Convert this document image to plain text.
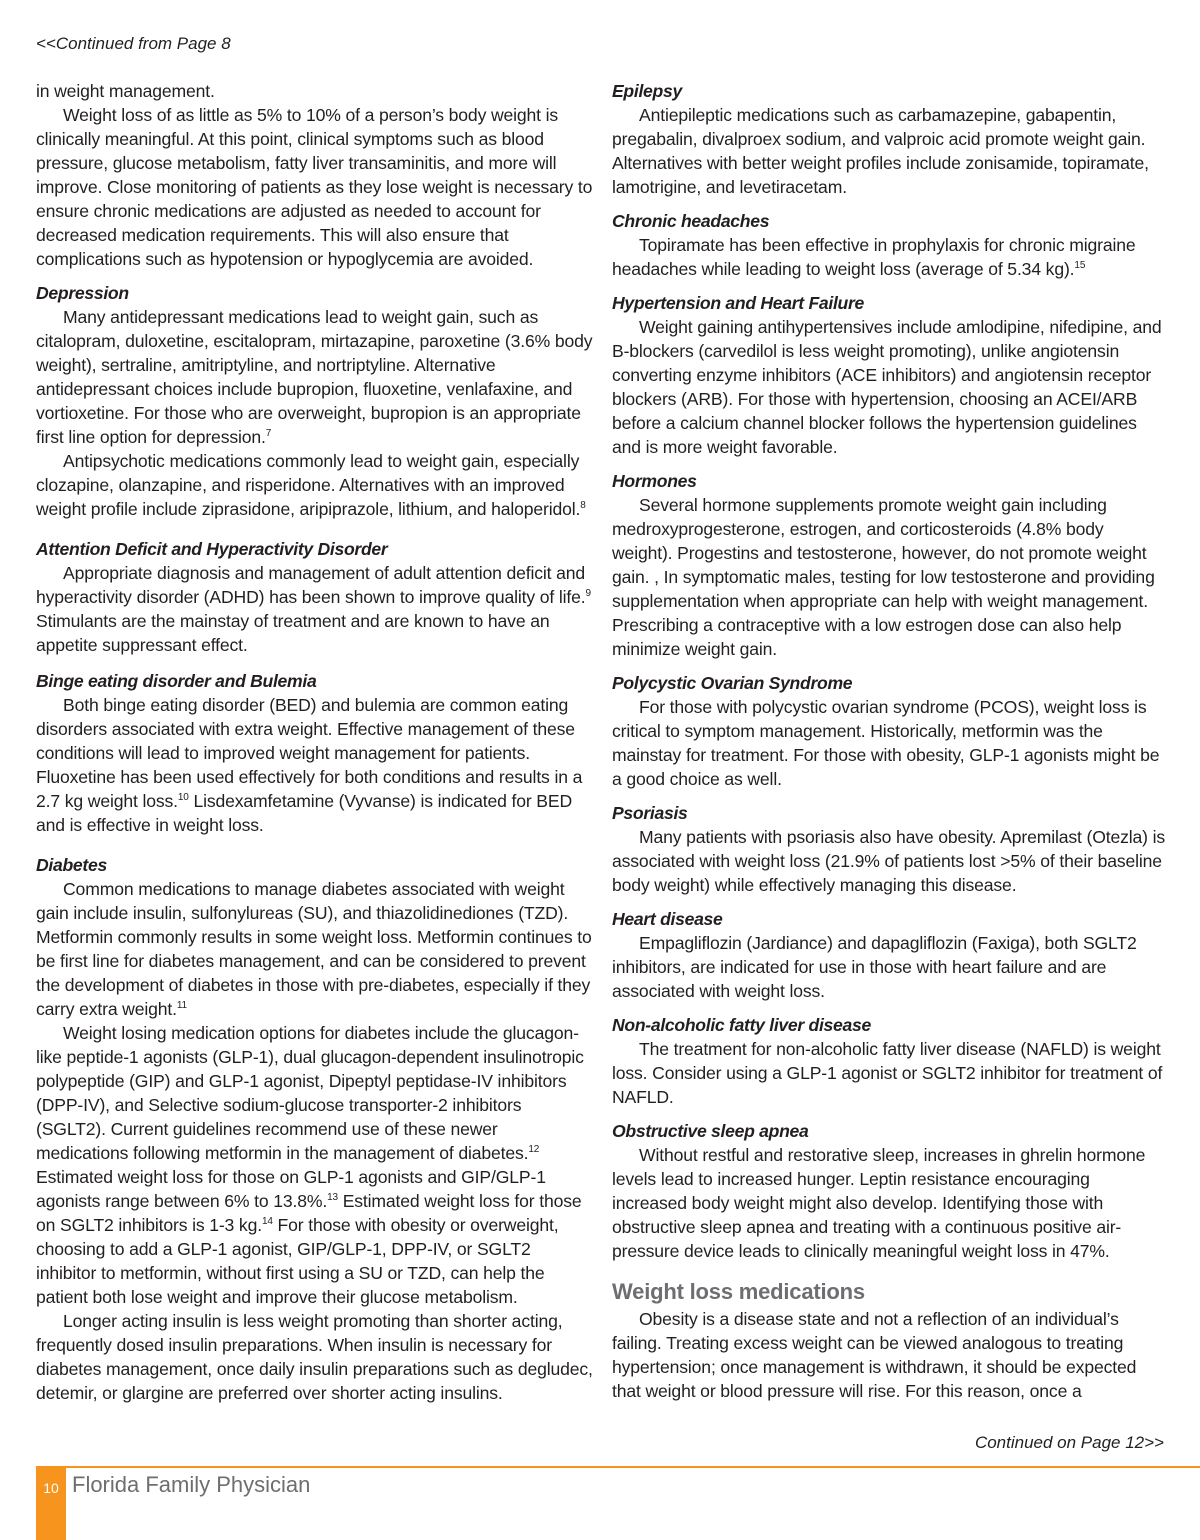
<<Continued from Page 8

in weight management.

Weight loss of as little as 5% to 10% of a person’s body weight is clinically meaningful. At this point, clinical symptoms such as blood pressure, glucose metabolism, fatty liver transaminitis, and more will improve. Close monitoring of patients as they lose weight is necessary to ensure chronic medications are adjusted as needed to account for decreased medication requirements. This will also ensure that complications such as hypotension or hypoglycemia are avoided.

Depression

Many antidepressant medications lead to weight gain, such as citalopram, duloxetine, escitalopram, mirtazapine, paroxetine (3.6% body weight), sertraline, amitriptyline, and nortriptyline. Alternative antidepressant choices include bupropion, fluoxetine, venlafaxine, and vortioxetine. For those who are overweight, bupropion is an appropriate first line option for depression.$^7$

Antipsychotic medications commonly lead to weight gain, especially clozapine, olanzapine, and risperidone. Alternatives with an improved weight profile include ziprasidone, aripiprazole, lithium, and haloperidol.$^8$

Attention Deficit and Hyperactivity Disorder

Appropriate diagnosis and management of adult attention deficit and hyperactivity disorder (ADHD) has been shown to improve quality of life.$^9$ Stimulants are the mainstay of treatment and are known to have an appetite suppressant effect.

Binge eating disorder and Bulemia

Both binge eating disorder (BED) and bulemia are common eating disorders associated with extra weight. Effective management of these conditions will lead to improved weight management for patients. Fluoxetine has been used effectively for both conditions and results in a 2.7 kg weight loss.$^{10}$ Lisdexamfetamine (Vyvanse) is indicated for BED and is effective in weight loss.

Diabetes

Common medications to manage diabetes associated with weight gain include insulin, sulfonylureas (SU), and thiazolidinediones (TZD). Metformin commonly results in some weight loss. Metformin continues to be first line for diabetes management, and can be considered to prevent the development of diabetes in those with pre-diabetes, especially if they carry extra weight.$^{11}$

Weight losing medication options for diabetes include the glucagon-like peptide-1 agonists (GLP-1), dual glucagon-dependent insulinotropic polypeptide (GIP) and GLP-1 agonist, Dipeptyl peptidase-IV inhibitors (DPP-IV), and Selective sodium-glucose transporter-2 inhibitors (SGLT2). Current guidelines recommend use of these newer medications following metformin in the management of diabetes.$^{12}$ Estimated weight loss for those on GLP-1 agonists and GIP/GLP-1 agonists range between 6% to 13.8%.$^{13}$ Estimated weight loss for those on SGLT2 inhibitors is 1-3 kg.$^{14}$ For those with obesity or overweight, choosing to add a GLP-1 agonist, GIP/GLP-1, DPP-IV, or SGLT2 inhibitor to metformin, without first using a SU or TZD, can help the patient both lose weight and improve their glucose metabolism.

Longer acting insulin is less weight promoting than shorter acting, frequently dosed insulin preparations. When insulin is necessary for diabetes management, once daily insulin preparations such as degludec, detemir, or glargine are preferred over shorter acting insulins.

Epilepsy

Antiepileptic medications such as carbamazepine, gabapentin, pregabalin, divalproex sodium, and valproic acid promote weight gain. Alternatives with better weight profiles include zonisamide, topiramate, lamotrigine, and levetiracetam.

Chronic headaches

Topiramate has been effective in prophylaxis for chronic migraine headaches while leading to weight loss (average of 5.34 kg).$^{15}$

Hypertension and Heart Failure

Weight gaining antihypertensives include amlodipine, nifedipine, and B-blockers (carvedilol is less weight promoting), unlike angiotensin converting enzyme inhibitors (ACE inhibitors) and angiotensin receptor blockers (ARB). For those with hypertension, choosing an ACEI/ARB before a calcium channel blocker follows the hypertension guidelines and is more weight favorable.

Hormones

Several hormone supplements promote weight gain including medroxyprogesterone, estrogen, and corticosteroids (4.8% body weight). Progestins and testosterone, however, do not promote weight gain. , In symptomatic males, testing for low testosterone and providing supplementation when appropriate can help with weight management. Prescribing a contraceptive with a low estrogen dose can also help minimize weight gain.

Polycystic Ovarian Syndrome

For those with polycystic ovarian syndrome (PCOS), weight loss is critical to symptom management. Historically, metformin was the mainstay for treatment. For those with obesity, GLP-1 agonists might be a good choice as well.

Psoriasis

Many patients with psoriasis also have obesity. Apremilast (Otezla) is associated with weight loss (21.9% of patients lost >5% of their baseline body weight) while effectively managing this disease.

Heart disease

Empagliflozin (Jardiance) and dapagliflozin (Faxiga), both SGLT2 inhibitors, are indicated for use in those with heart failure and are associated with weight loss.

Non-alcoholic fatty liver disease

The treatment for non-alcoholic fatty liver disease (NAFLD) is weight loss. Consider using a GLP-1 agonist or SGLT2 inhibitor for treatment of NAFLD.

Obstructive sleep apnea

Without restful and restorative sleep, increases in ghrelin hormone levels lead to increased hunger. Leptin resistance encouraging increased body weight might also develop. Identifying those with obstructive sleep apnea and treating with a continuous positive air-pressure device leads to clinically meaningful weight loss in 47%.

Weight loss medications

Obesity is a disease state and not a reflection of an individual’s failing. Treating excess weight can be viewed analogous to treating hypertension; once management is withdrawn, it should be expected that weight or blood pressure will rise. For this reason, once a

Continued on Page 12>>
10 Florida Family Physician
